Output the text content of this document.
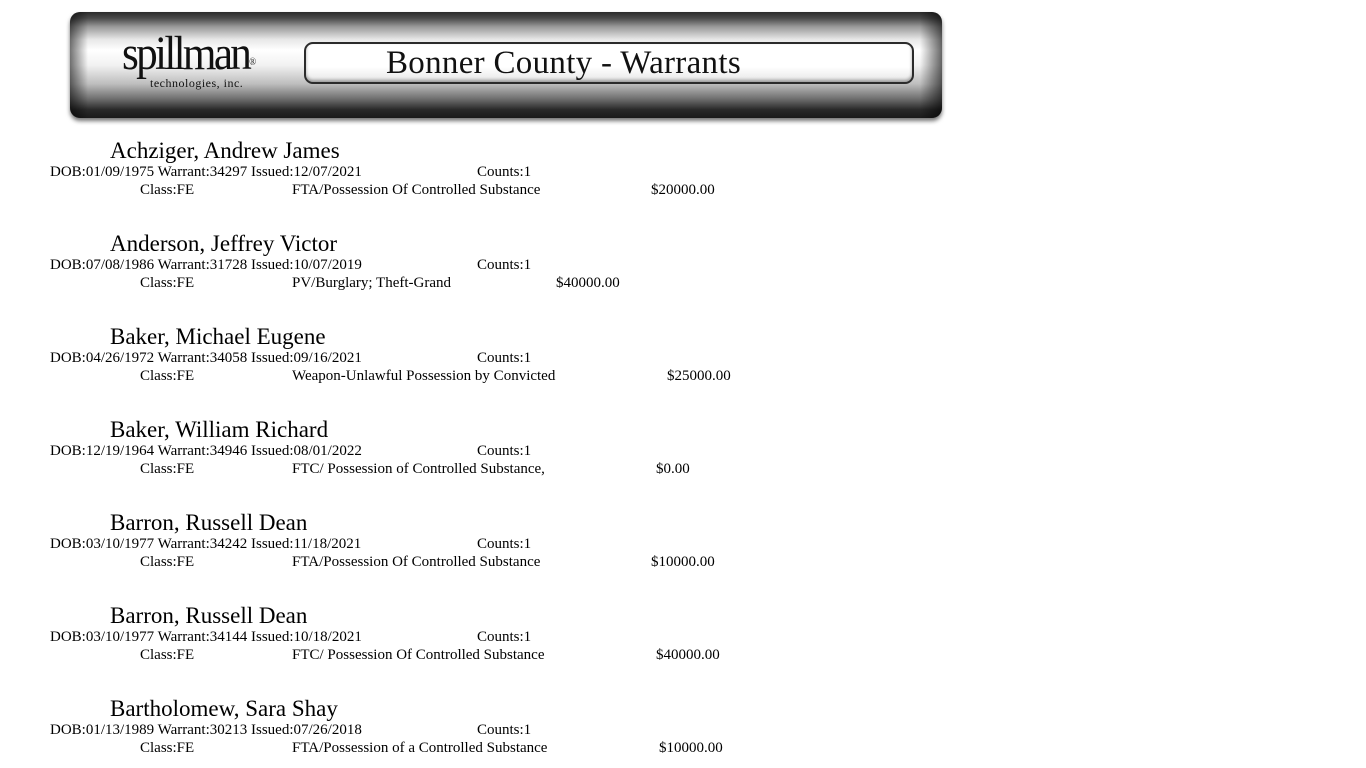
spillman®
technologies, inc.
Bonner County - Warrants
Achziger, Andrew James
DOB:01/09/1975 Warrant:34297 Issued:12/07/2021	Counts:1
Class:FE	FTA/Possession Of Controlled Substance	$20000.00
Anderson, Jeffrey Victor
DOB:07/08/1986 Warrant:31728 Issued:10/07/2019	Counts:1
Class:FE	PV/Burglary; Theft-Grand	$40000.00
Baker, Michael Eugene
DOB:04/26/1972 Warrant:34058 Issued:09/16/2021	Counts:1
Class:FE	Weapon-Unlawful Possession by Convicted	$25000.00
Baker, William Richard
DOB:12/19/1964 Warrant:34946 Issued:08/01/2022	Counts:1
Class:FE	FTC/ Possession of Controlled Substance,	$0.00
Barron, Russell Dean
DOB:03/10/1977 Warrant:34242 Issued:11/18/2021	Counts:1
Class:FE	FTA/Possession Of Controlled Substance	$10000.00
Barron, Russell Dean
DOB:03/10/1977 Warrant:34144 Issued:10/18/2021	Counts:1
Class:FE	FTC/ Possession Of Controlled Substance	$40000.00
Bartholomew, Sara Shay
DOB:01/13/1989 Warrant:30213 Issued:07/26/2018	Counts:1
Class:FE	FTA/Possession of a Controlled Substance	$10000.00
